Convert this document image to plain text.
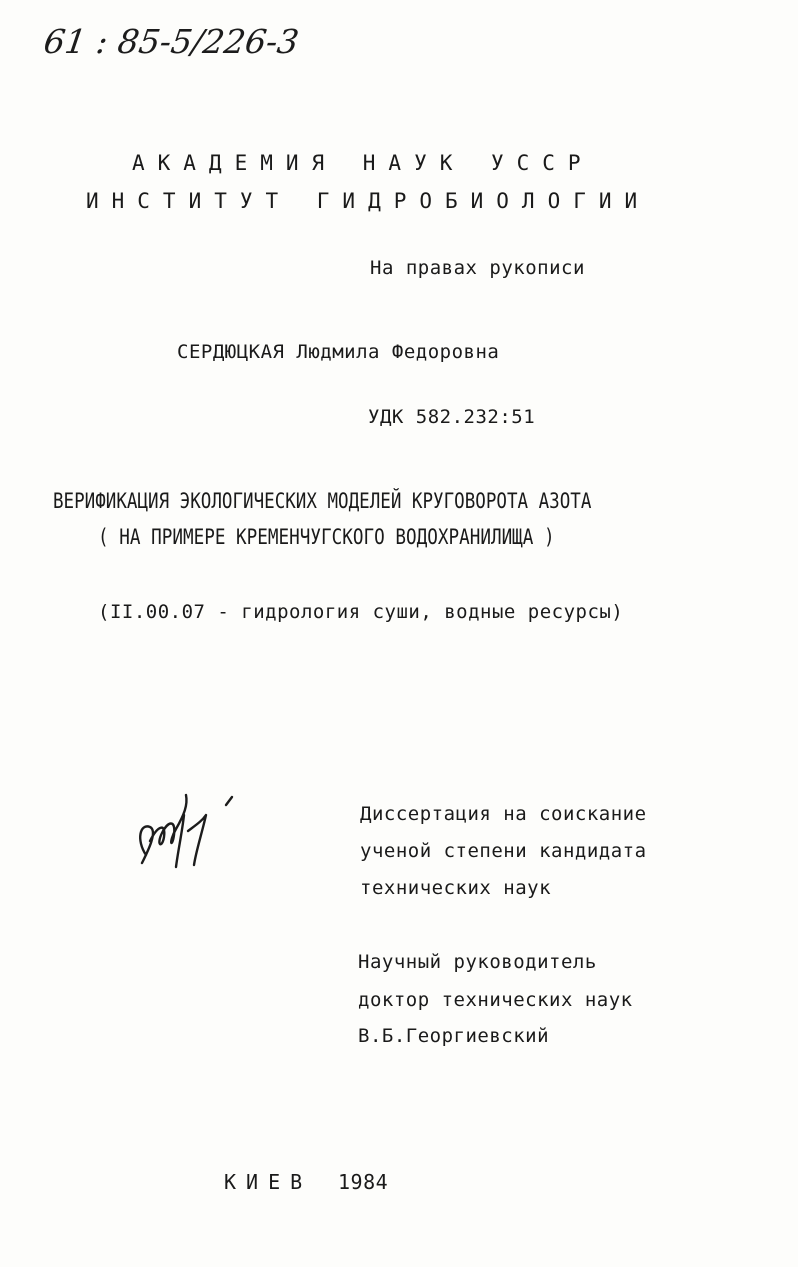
61 : 85-5/226-3
АКАДЕМИЯ НАУК УССР
ИНСТИТУТ ГИДРОБИОЛОГИИ
На правах рукописи
СЕРДЮЦКАЯ Людмила Федоровна
УДК 582.232:51
ВЕРИФИКАЦИЯ ЭКОЛОГИЧЕСКИХ МОДЕЛЕЙ КРУГОВОРОТА АЗОТА
( НА ПРИМЕРЕ КРЕМЕНЧУГСКОГО ВОДОХРАНИЛИЩА )
(II.00.07 - гидрология суши, водные ресурсы)
Диссертация на соискание
ученой степени кандидата
технических наук
Научный руководитель
доктор технических наук
В.Б.Георгиевский
КИЕВ 1984
